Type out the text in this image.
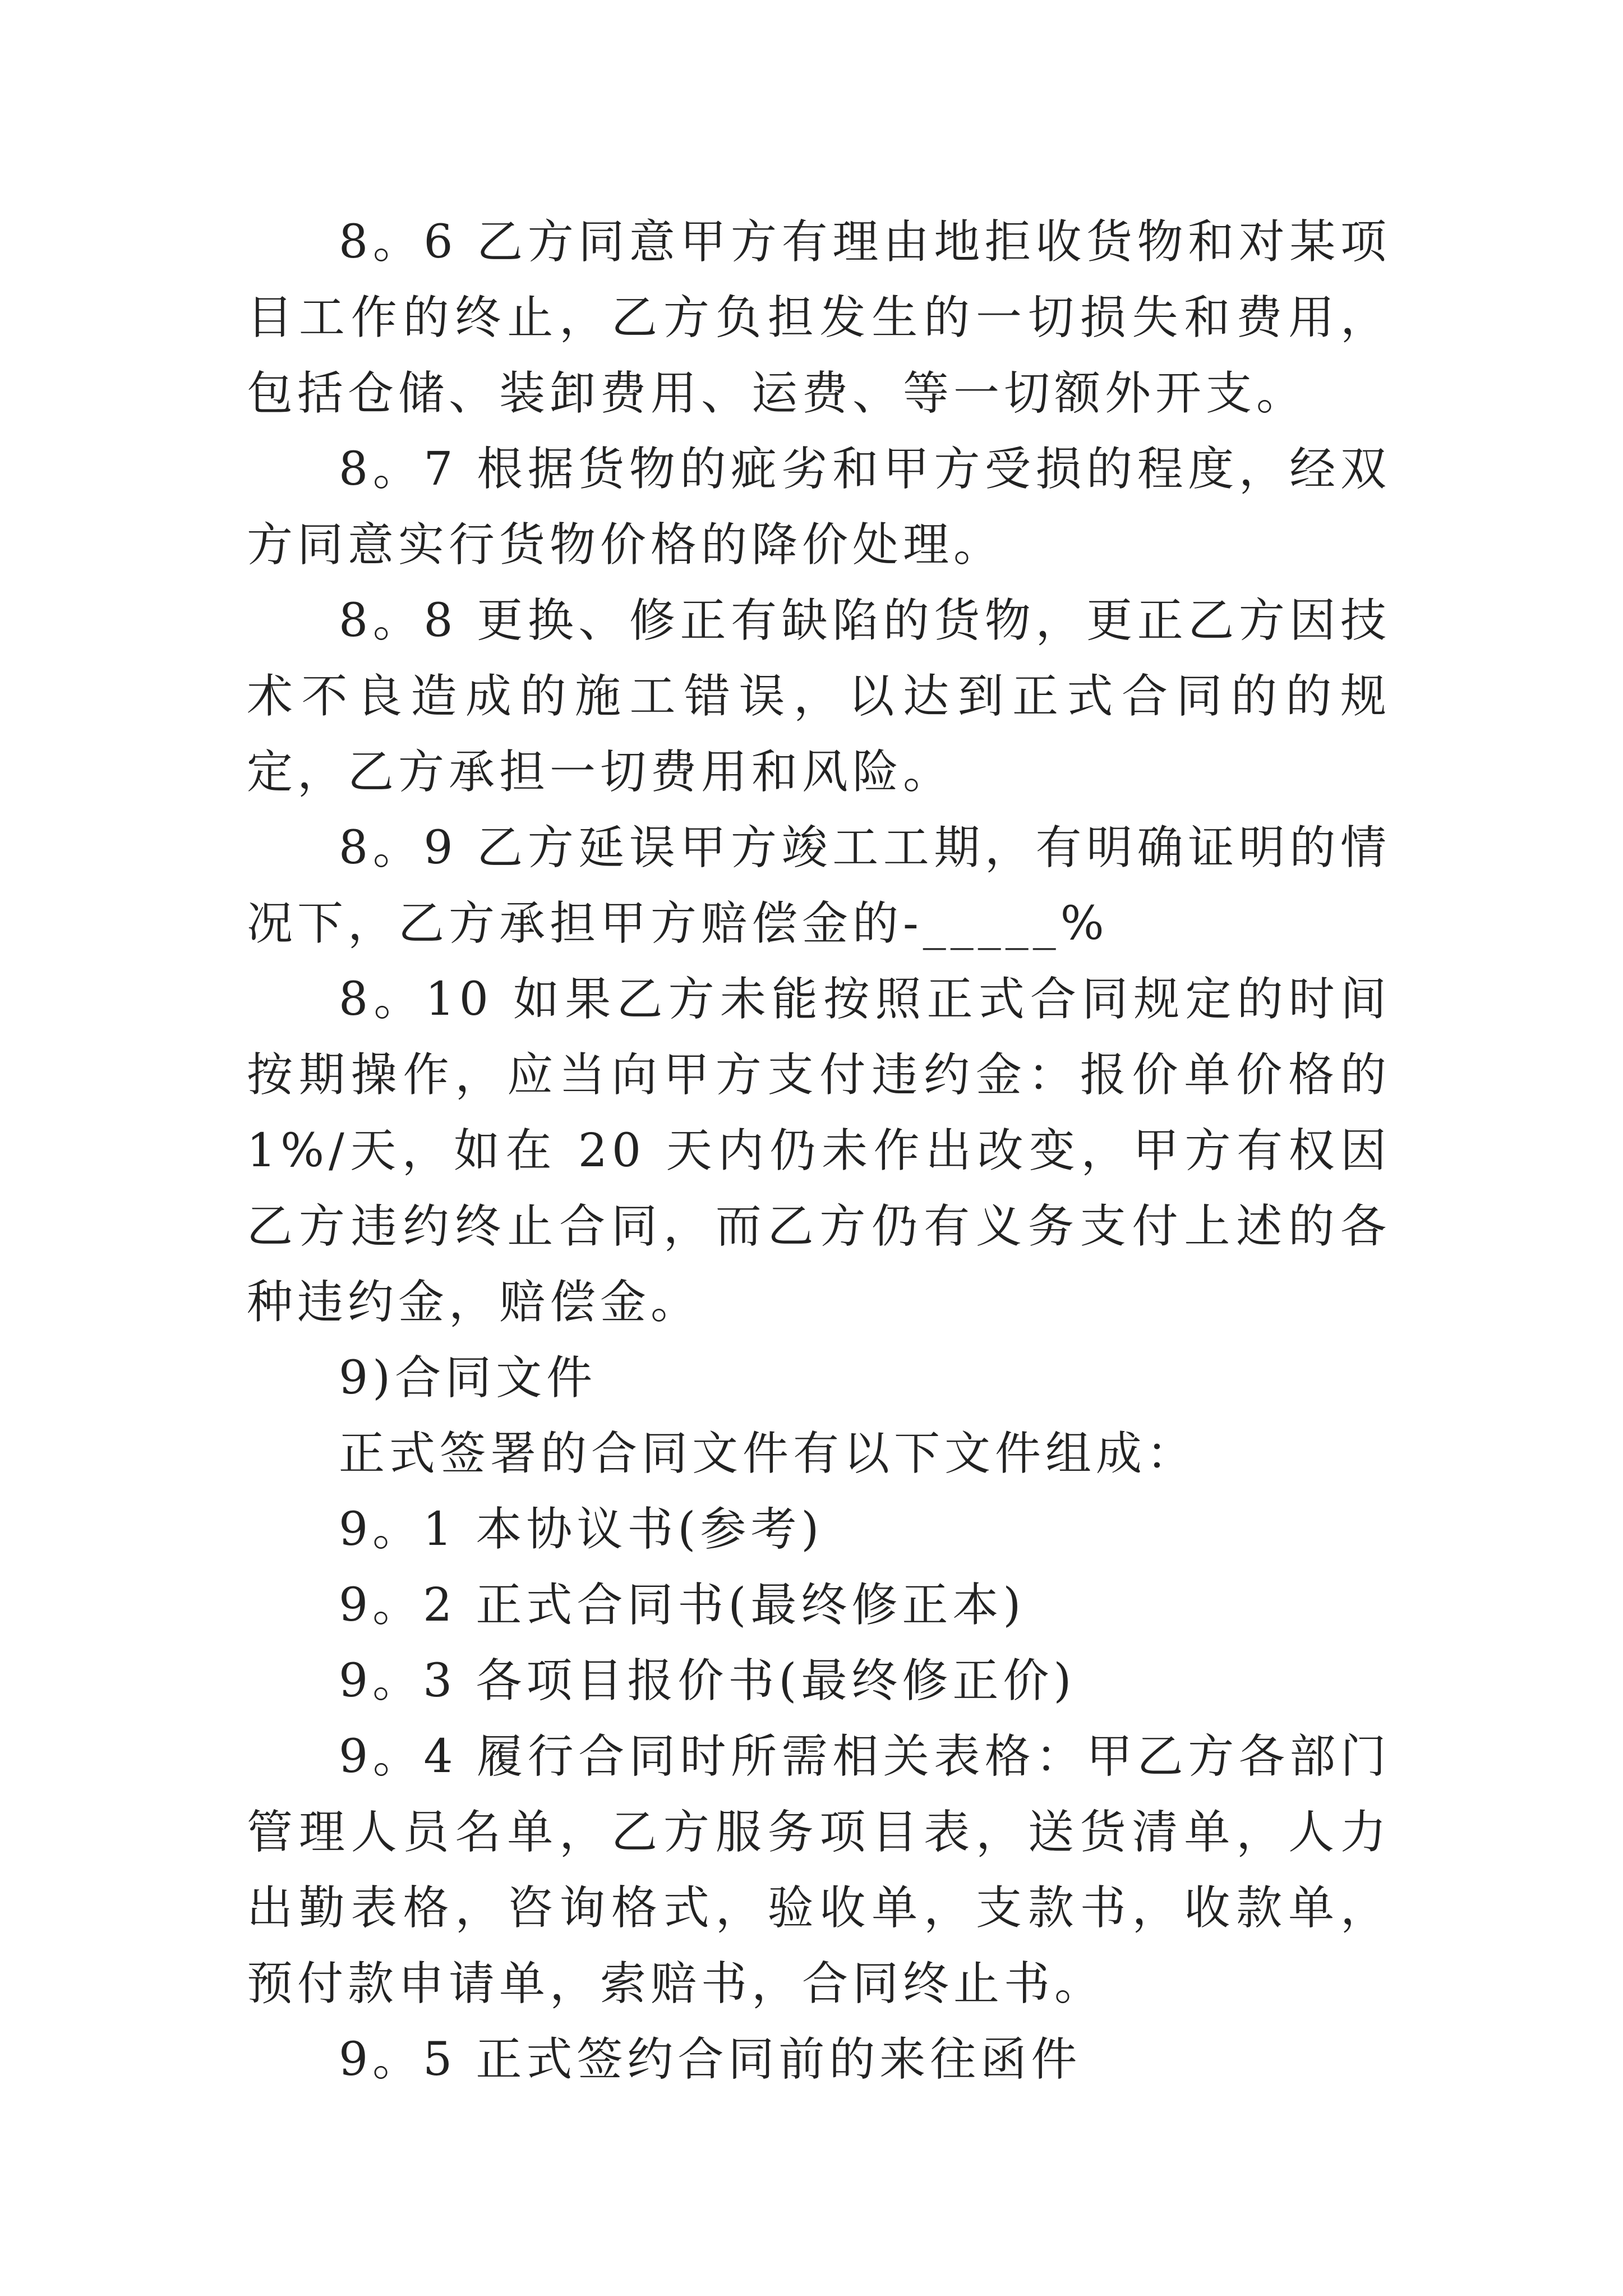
8。6 乙方同意甲方有理由地拒收货物和对某项目工作的终止，乙方负担发生的一切损失和费用，包括仓储、装卸费用、运费、等一切额外开支。

8。7 根据货物的疵劣和甲方受损的程度，经双方同意实行货物价格的降价处理。

8。8 更换、修正有缺陷的货物，更正乙方因技术不良造成的施工错误，以达到正式合同的的规定，乙方承担一切费用和风险。

8。9 乙方延误甲方竣工工期，有明确证明的情况下，乙方承担甲方赔偿金的-_____%

8。10 如果乙方未能按照正式合同规定的时间按期操作，应当向甲方支付违约金：报价单价格的 1%/天，如在 20 天内仍未作出改变，甲方有权因乙方违约终止合同，而乙方仍有义务支付上述的各种违约金，赔偿金。

9)合同文件

正式签署的合同文件有以下文件组成：

9。1 本协议书(参考)

9。2 正式合同书(最终修正本)

9。3 各项目报价书(最终修正价)

9。4 履行合同时所需相关表格：甲乙方各部门管理人员名单，乙方服务项目表，送货清单，人力出勤表格，咨询格式，验收单，支款书，收款单，预付款申请单，索赔书，合同终止书。

9。5 正式签约合同前的来往函件
